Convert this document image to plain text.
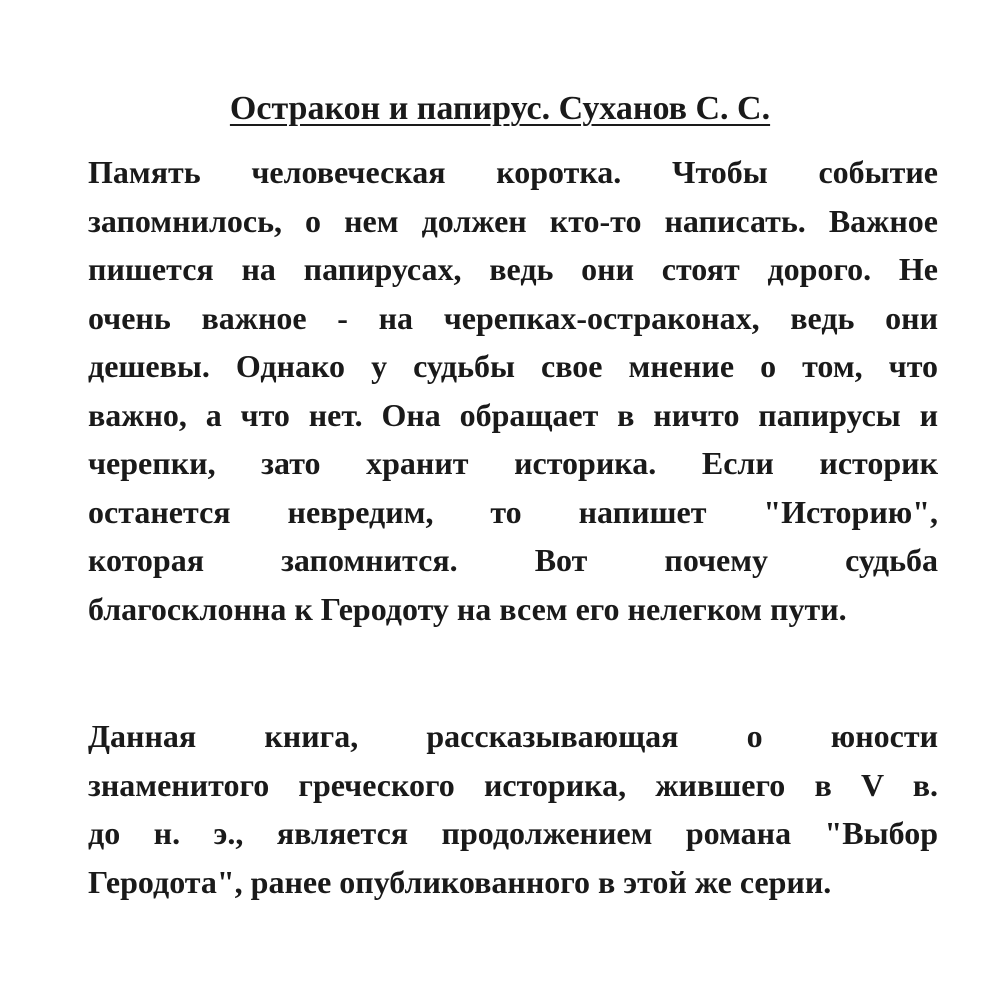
Остракон и папирус. Суханов С. С.

Память человеческая коротка. Чтобы событие
запомнилось, о нем должен кто-то написать. Важное
пишется на папирусах, ведь они стоят дорого. Не
очень важное - на черепках-остраконах, ведь они
дешевы. Однако у судьбы свое мнение о том, что
важно, а что нет. Она обращает в ничто папирусы и
черепки, зато хранит историка. Если историк
останется невредим, то напишет "Историю",
которая запомнится. Вот почему судьба
благосклонна к Геродоту на всем его нелегком пути.

Данная книга, рассказывающая о юности
знаменитого греческого историка, жившего в V в.
до н. э., является продолжением романа "Выбор
Геродота", ранее опубликованного в этой же серии.
